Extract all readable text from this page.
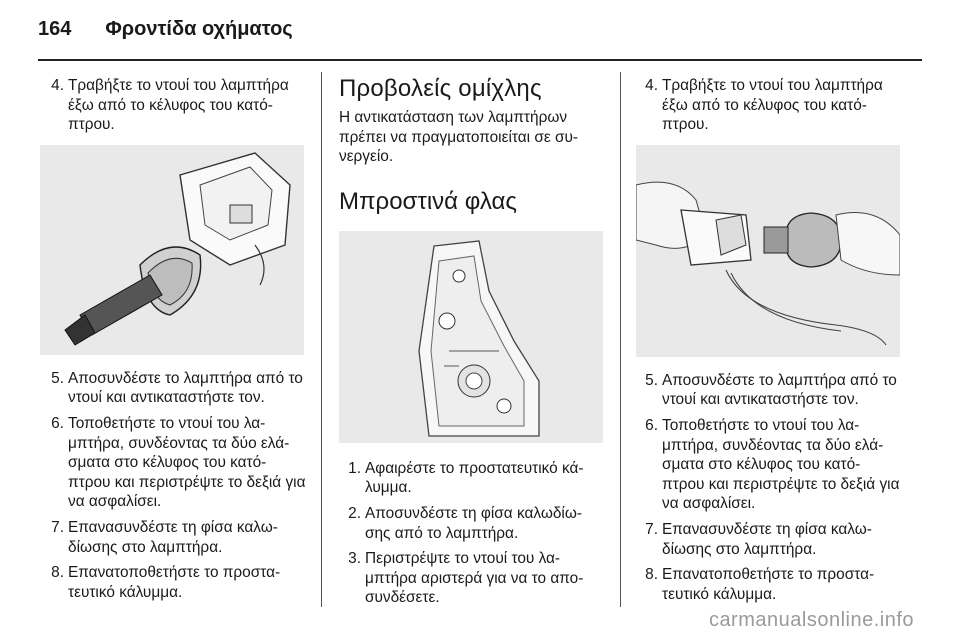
164 Φροντίδα οχήματος
4. Τραβήξτε το ντουί του λαμπτήρα έξω από το κέλυφος του κατό-πτρου.
5. Αποσυνδέστε το λαμπτήρα από το ντουί και αντικαταστήστε τον.
6. Τοποθετήστε το ντουί του λα-μπτήρα, συνδέοντας τα δύο ελά-σματα στο κέλυφος του κατό-πτρου και περιστρέψτε το δεξιά για να ασφαλίσει.
7. Επανασυνδέστε τη φίσα καλω-δίωσης στο λαμπτήρα.
8. Επανατοποθετήστε το προστα-τευτικό κάλυμμα.
Προβολείς ομίχλης

Η αντικατάσταση των λαμπτήρων πρέπει να πραγματοποιείται σε συ-νεργείο.

Μπροστινά φλας
1. Αφαιρέστε το προστατευτικό κά-λυμμα.
2. Αποσυνδέστε τη φίσα καλωδίω-σης από το λαμπτήρα.
3. Περιστρέψτε το ντουί του λα-μπτήρα αριστερά για να το απο-συνδέσετε.
4. Τραβήξτε το ντουί του λαμπτήρα έξω από το κέλυφος του κατό-πτρου.
5. Αποσυνδέστε το λαμπτήρα από το ντουί και αντικαταστήστε τον.
6. Τοποθετήστε το ντουί του λα-μπτήρα, συνδέοντας τα δύο ελά-σματα στο κέλυφος του κατό-πτρου και περιστρέψτε το δεξιά για να ασφαλίσει.
7. Επανασυνδέστε τη φίσα καλω-δίωσης στο λαμπτήρα.
8. Επανατοποθετήστε το προστα-τευτικό κάλυμμα.
carmanualsonline.info
